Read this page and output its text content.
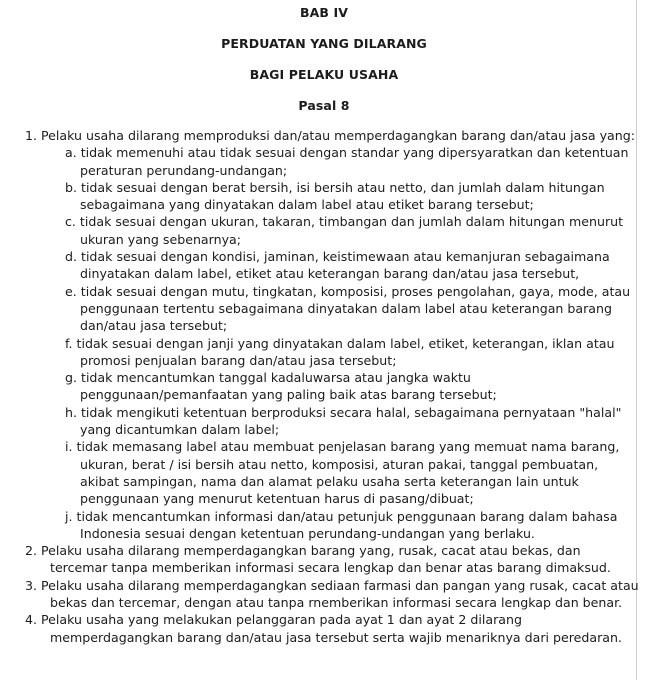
BAB IV
PERDUATAN YANG DILARANG
BAGI PELAKU USAHA
Pasal 8

1. Pelaku usaha dilarang memproduksi dan/atau memperdagangkan barang dan/atau jasa yang:

a. tidak memenuhi atau tidak sesuai dengan standar yang dipersyaratkan dan ketentuan peraturan perundang-undangan;

b. tidak sesuai dengan berat bersih, isi bersih atau netto, dan jumlah dalam hitungan sebagaimana yang dinyatakan dalam label atau etiket barang tersebut;

c. tidak sesuai dengan ukuran, takaran, timbangan dan jumlah dalam hitungan menurut ukuran yang sebenarnya;

d. tidak sesuai dengan kondisi, jaminan, keistimewaan atau kemanjuran sebagaimana dinyatakan dalam label, etiket atau keterangan barang dan/atau jasa tersebut,

e. tidak sesuai dengan mutu, tingkatan, komposisi, proses pengolahan, gaya, mode, atau penggunaan tertentu sebagaimana dinyatakan dalam label atau keterangan barang dan/atau jasa tersebut;

f. tidak sesuai dengan janji yang dinyatakan dalam label, etiket, keterangan, iklan atau promosi penjualan barang dan/atau jasa tersebut;

g. tidak mencantumkan tanggal kadaluwarsa atau jangka waktu penggunaan/pemanfaatan yang paling baik atas barang tersebut;

h. tidak mengikuti ketentuan berproduksi secara halal, sebagaimana pernyataan "halal" yang dicantumkan dalam label;

i. tidak memasang label atau membuat penjelasan barang yang memuat nama barang, ukuran, berat / isi bersih atau netto, komposisi, aturan pakai, tanggal pembuatan, akibat sampingan, nama dan alamat pelaku usaha serta keterangan lain untuk penggunaan yang menurut ketentuan harus di pasang/dibuat;

j. tidak mencantumkan informasi dan/atau petunjuk penggunaan barang dalam bahasa Indonesia sesuai dengan ketentuan perundang-undangan yang berlaku.

2. Pelaku usaha dilarang memperdagangkan barang yang, rusak, cacat atau bekas, dan tercemar tanpa memberikan informasi secara lengkap dan benar atas barang dimaksud.

3. Pelaku usaha dilarang memperdagangkan sediaan farmasi dan pangan yang rusak, cacat atau bekas dan tercemar, dengan atau tanpa rnemberikan informasi secara lengkap dan benar.

4. Pelaku usaha yang melakukan pelanggaran pada ayat 1 dan ayat 2 dilarang memperdagangkan barang dan/atau jasa tersebut serta wajib menariknya dari peredaran.
